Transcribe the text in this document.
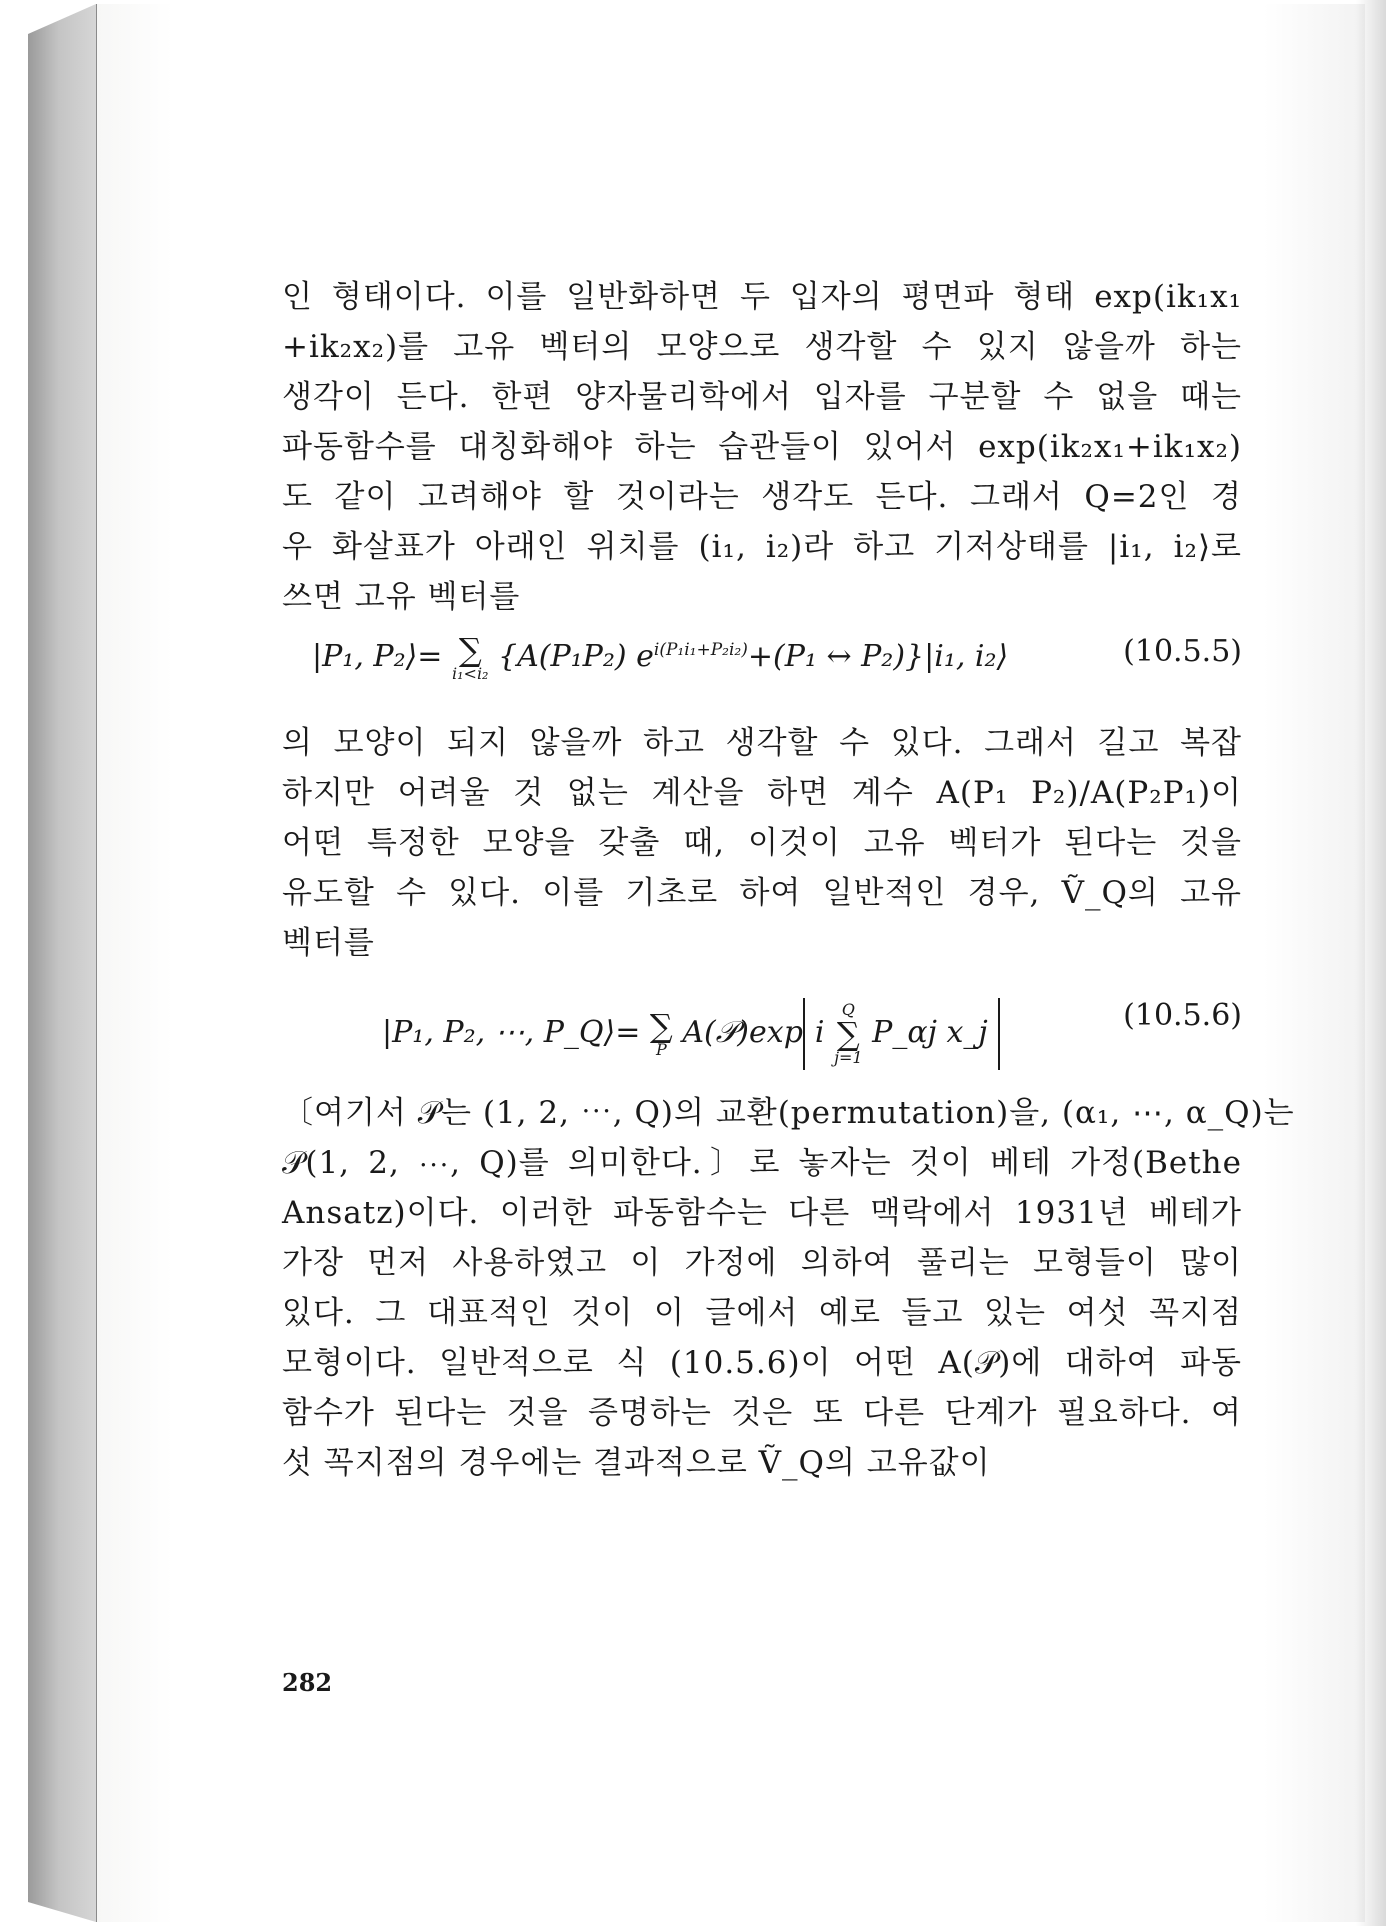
인 형태이다. 이를 일반화하면 두 입자의 평면파 형태 exp(ik₁x₁
+ik₂x₂)를 고유 벡터의 모양으로 생각할 수 있지 않을까 하는
생각이 든다. 한편 양자물리학에서 입자를 구분할 수 없을 때는
파동함수를 대칭화해야 하는 습관들이 있어서 exp(ik₂x₁+ik₁x₂)
도 같이 고려해야 할 것이라는 생각도 든다. 그래서 Q=2인 경
우 화살표가 아래인 위치를 (i₁, i₂)라 하고 기저상태를 |i₁, i₂⟩로
쓰면 고유 벡터를
|P₁, P₂⟩= ∑
i₁<i₂ {A(P₁P₂) $e^{i(P_1i_1+P_2i_2)}+(P_1$ ↔ P₂)}|i₁, i₂⟩	(10.5.5)
의 모양이 되지 않을까 하고 생각할 수 있다. 그래서 길고 복잡
하지만 어려울 것 없는 계산을 하면 계수 A(P₁ P₂)/A(P₂P₁)이
어떤 특정한 모양을 갖출 때, 이것이 고유 벡터가 된다는 것을
유도할 수 있다. 이를 기초로 하여 일반적인 경우, Ṽ_Q의 고유
벡터를
|P₁, P₂, ⋯, P_Q⟩= ∑
P A(𝒫)exp i
Q
∑
j=1
P_αj x_j	(10.5.6)
〔여기서 𝒫는 (1, 2, ⋯, Q)의 교환(permutation)을, (α₁, ⋯, α_Q)는
𝒫(1, 2, ⋯, Q)를 의미한다.〕로 놓자는 것이 베테 가정(Bethe
Ansatz)이다. 이러한 파동함수는 다른 맥락에서 1931년 베테가
가장 먼저 사용하였고 이 가정에 의하여 풀리는 모형들이 많이
있다. 그 대표적인 것이 이 글에서 예로 들고 있는 여섯 꼭지점
모형이다. 일반적으로 식 (10.5.6)이 어떤 A(𝒫)에 대하여 파동
함수가 된다는 것을 증명하는 것은 또 다른 단계가 필요하다. 여
섯 꼭지점의 경우에는 결과적으로 Ṽ_Q의 고유값이
282
